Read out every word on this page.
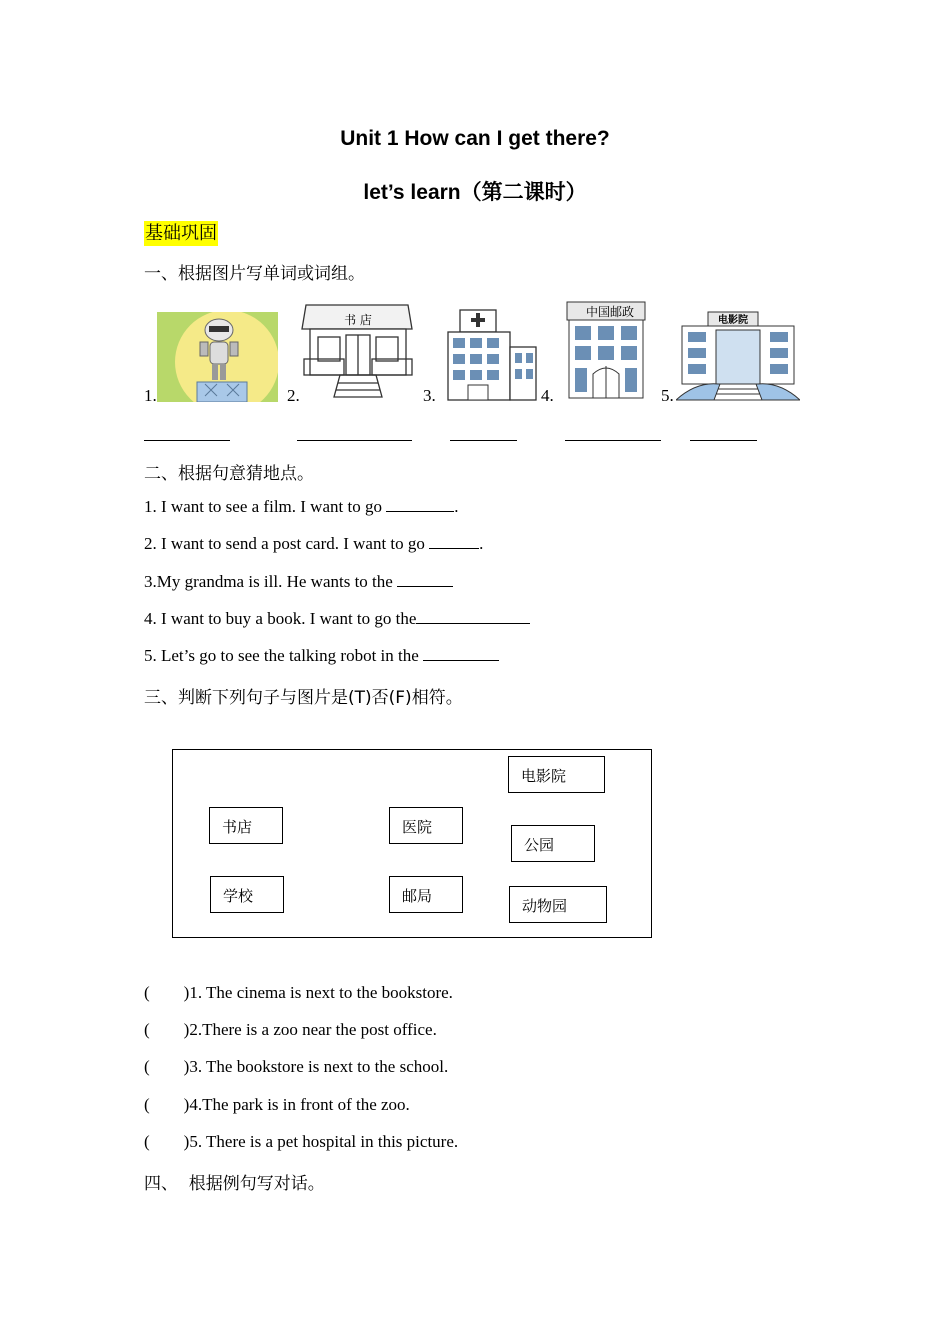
Unit 1 How can I get there?
let’s learn（第二课时）
基础巩固
一、根据图片写单词或词组。
1.	2.	3.	4.	5.
书 店
中国邮政
电影院
二、根据句意猜地点。
1. I want to see a film. I want to go	.
2. I want to send a post card. I want to go	.
3.My grandma is ill. He wants to the
4. I want to buy a book. I want to go the
5. Let’s go to see the talking robot in the
三、判断下列句子与图片是(T)否(F)相符。
电影院
书店	医院
公园
学校	邮局
动物园
(        )1. The cinema is next to the bookstore.
(        )2.There is a zoo near the post office.
(        )3. The bookstore is next to the school.
(        )4.The park is in front of the zoo.
(        )5. There is a pet hospital in this picture.
四、  根据例句写对话。
